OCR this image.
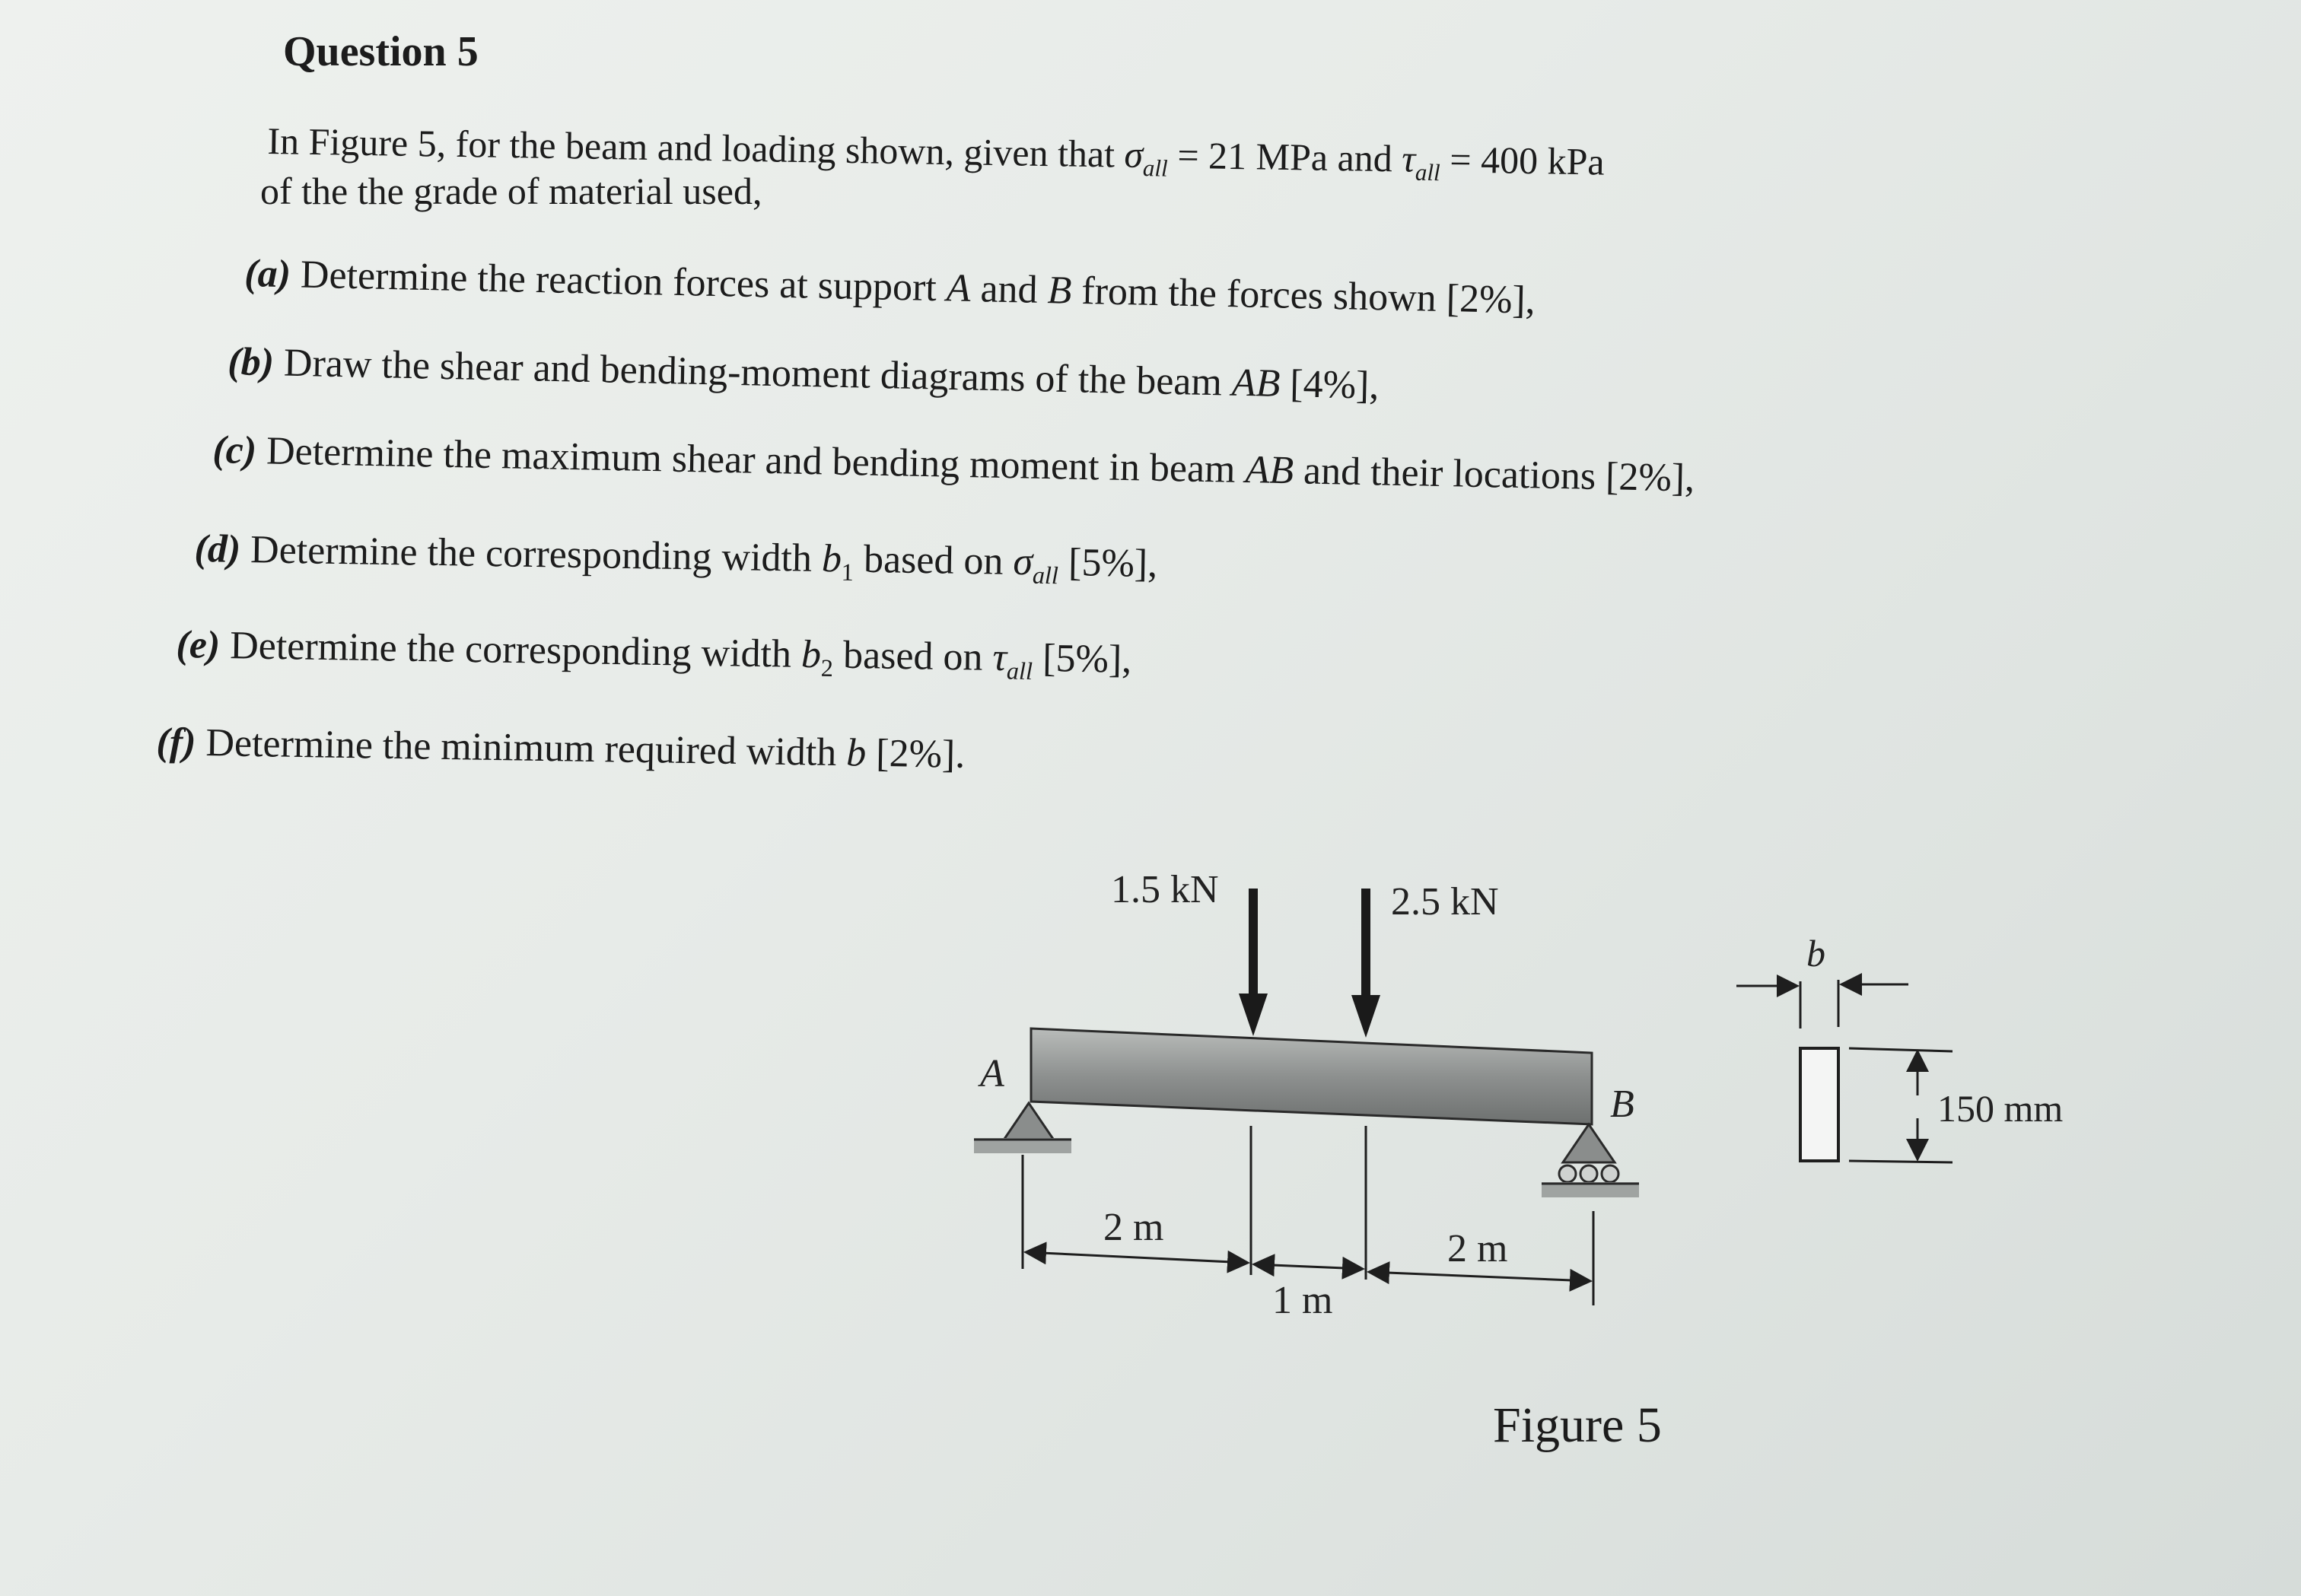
Question 5
In Figure 5, for the beam and loading shown, given that $\sigma_{all} = 21$ MPa and $\tau_{all} = 400$ kPa
of the the grade of material used,
(a) Determine the reaction forces at support A and B from the forces shown [2%],
(b) Draw the shear and bending-moment diagrams of the beam AB [4%],
(c) Determine the maximum shear and bending moment in beam AB and their locations [2%],
(d) Determine the corresponding width $b_1$ based on $\sigma_{all}$ [5%],
(e) Determine the corresponding width $b_2$ based on $\tau_{all}$ [5%],
(f) Determine the minimum required width b [2%].
1.5 kN	2.5 kN
A
B
2 m
1 m
2 m
b
150 mm
Figure 5
